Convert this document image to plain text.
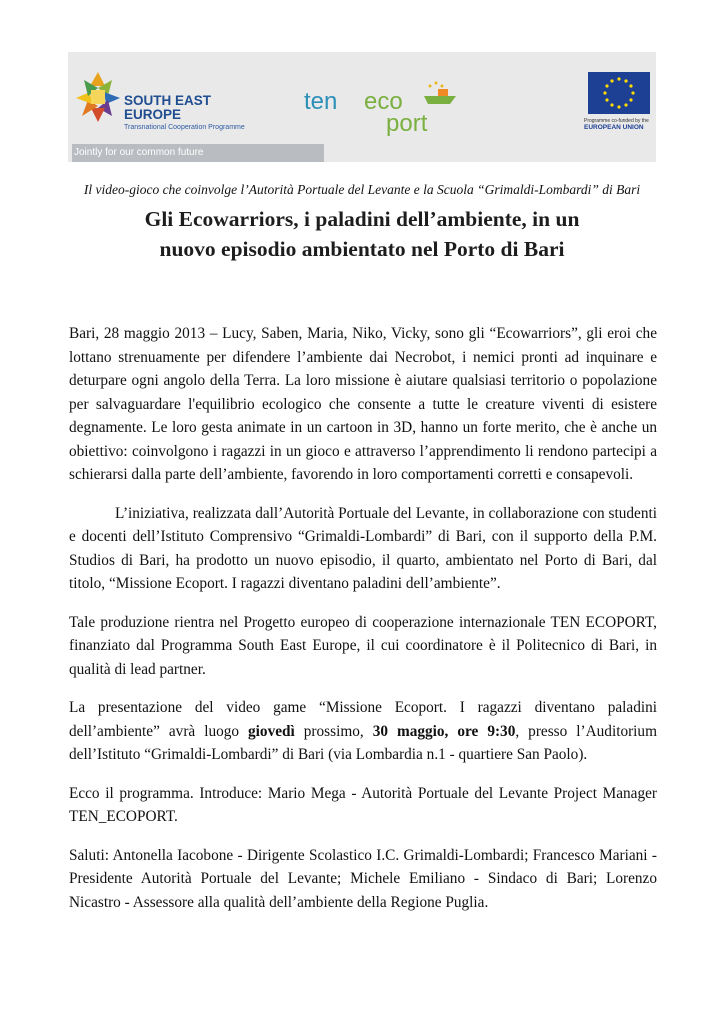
SOUTH EAST
EUROPE
Transnational Cooperation Programme
Jointly for our common future
ten eco
port	Programme co-funded by the
EUROPEAN UNION
Il video-gioco che coinvolge l’Autorità Portuale del Levante e la Scuola “Grimaldi-Lombardi” di Bari
Gli Ecowarriors, i paladini dell’ambiente, in un
nuovo episodio ambientato nel Porto di Bari

Bari, 28 maggio 2013 – Lucy, Saben, Maria, Niko, Vicky, sono gli “Ecowarriors”, gli eroi che lottano strenuamente per difendere l’ambiente dai Necrobot, i nemici pronti ad inquinare e deturpare ogni angolo della Terra. La loro missione è aiutare qualsiasi territorio o popolazione per salvaguardare l'equilibrio ecologico che consente a tutte le creature viventi di esistere degnamente. Le loro gesta animate in un cartoon in 3D, hanno un forte merito, che è anche un obiettivo: coinvolgono i ragazzi in un gioco e attraverso l’apprendimento li rendono partecipi a schierarsi dalla parte dell’ambiente, favorendo in loro comportamenti corretti e consapevoli.

L’iniziativa, realizzata dall’Autorità Portuale del Levante, in collaborazione con studenti e docenti dell’Istituto Comprensivo “Grimaldi-Lombardi” di Bari, con il supporto della P.M. Studios di Bari, ha prodotto un nuovo episodio, il quarto, ambientato nel Porto di Bari, dal titolo, “Missione Ecoport. I ragazzi diventano paladini dell’ambiente”.

Tale produzione rientra nel Progetto europeo di cooperazione internazionale TEN ECOPORT, finanziato dal Programma South East Europe, il cui coordinatore è il Politecnico di Bari, in qualità di lead partner.

La presentazione del video game “Missione Ecoport. I ragazzi diventano paladini dell’ambiente” avrà luogo giovedì prossimo, 30 maggio, ore 9:30, presso l’Auditorium dell’Istituto “Grimaldi-Lombardi” di Bari (via Lombardia n.1 - quartiere San Paolo).

Ecco il programma. Introduce: Mario Mega - Autorità Portuale del Levante Project Manager TEN_ECOPORT.

Saluti: Antonella Iacobone - Dirigente Scolastico I.C. Grimaldi-Lombardi; Francesco Mariani - Presidente Autorità Portuale del Levante; Michele Emiliano - Sindaco di Bari; Lorenzo Nicastro - Assessore alla qualità dell’ambiente della Regione Puglia.
